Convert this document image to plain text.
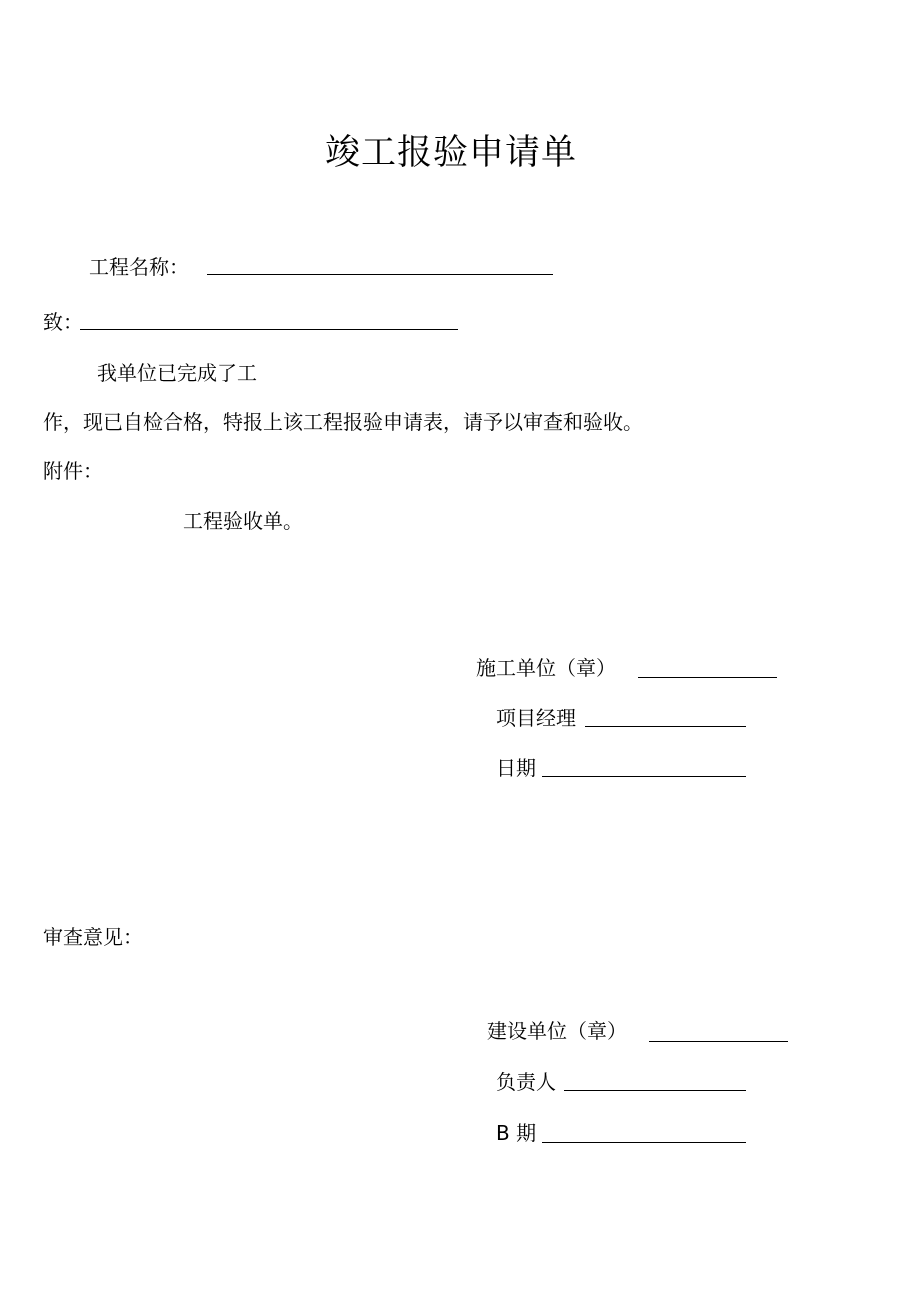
竣工报验申请单
工程名称：
致：
我单位已完成了工
作，现已自检合格，特报上该工程报验申请表，请予以审查和验收。
附件：
工程验收单。
施工单位（章）
项目经理
日期
审查意见：
建设单位（章）
负责人
B 期
